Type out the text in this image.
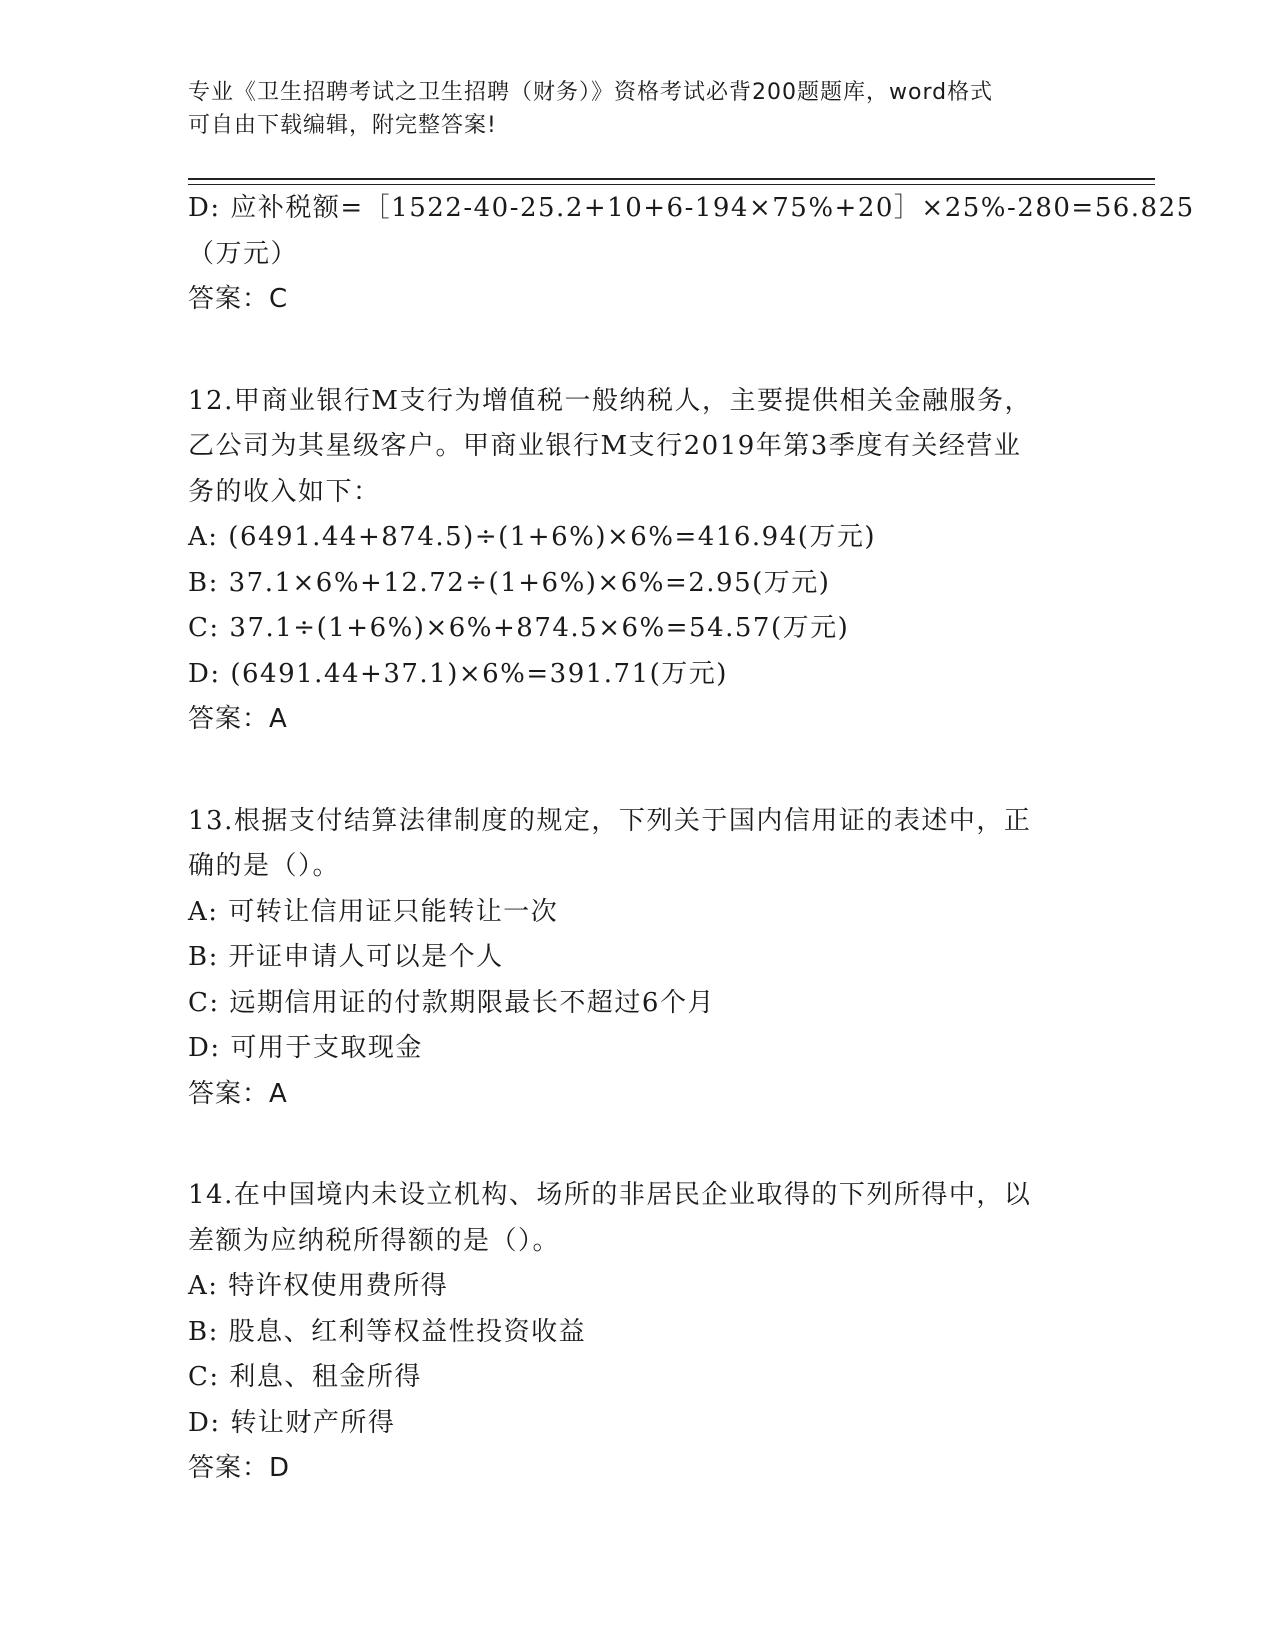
专业《卫生招聘考试之卫生招聘（财务）》资格考试必背200题题库，word格式
可自由下载编辑，附完整答案!
D: 应补税额=［1522-40-25.2+10+6-194×75%+20］×25%-280=56.825
（万元）
答案：C
12.甲商业银行M支行为增值税一般纳税人，主要提供相关金融服务，
乙公司为其星级客户。甲商业银行M支行2019年第3季度有关经营业
务的收入如下：
A: (6491.44+874.5)÷(1+6%)×6%=416.94(万元)
B: 37.1×6%+12.72÷(1+6%)×6%=2.95(万元)
C: 37.1÷(1+6%)×6%+874.5×6%=54.57(万元)
D: (6491.44+37.1)×6%=391.71(万元)
答案：A
13.根据支付结算法律制度的规定，下列关于国内信用证的表述中，正
确的是（）。
A: 可转让信用证只能转让一次
B: 开证申请人可以是个人
C: 远期信用证的付款期限最长不超过6个月
D: 可用于支取现金
答案：A
14.在中国境内未设立机构、场所的非居民企业取得的下列所得中，以
差额为应纳税所得额的是（）。
A: 特许权使用费所得
B: 股息、红利等权益性投资收益
C: 利息、租金所得
D: 转让财产所得
答案：D
